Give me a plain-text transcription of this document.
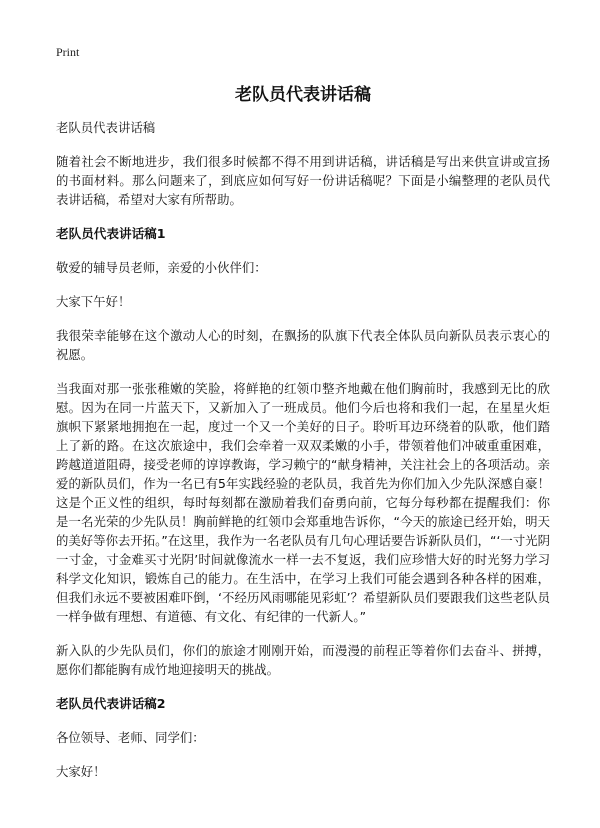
Print
老队员代表讲话稿

老队员代表讲话稿

随着社会不断地进步，我们很多时候都不得不用到讲话稿，讲话稿是写出来供宣讲或宣扬的书面材料。那么问题来了，到底应如何写好一份讲话稿呢？下面是小编整理的老队员代表讲话稿，希望对大家有所帮助。

老队员代表讲话稿1

敬爱的辅导员老师，亲爱的小伙伴们：

大家下午好！

我很荣幸能够在这个激动人心的时刻，在飘扬的队旗下代表全体队员向新队员表示衷心的祝愿。

当我面对那一张张稚嫩的笑脸，将鲜艳的红领巾整齐地戴在他们胸前时，我感到无比的欣慰。因为在同一片蓝天下，又新加入了一班成员。他们今后也将和我们一起，在星星火炬旗帜下紧紧地拥抱在一起，度过一个又一个美好的日子。聆听耳边环绕着的队歌，他们踏上了新的路。在这次旅途中，我们会牵着一双双柔嫩的小手，带领着他们冲破重重困难，跨越道道阻碍，接受老师的谆谆教诲，学习赖宁的“献身精神，关注社会上的各项活动。亲爱的新队员们，作为一名已有5年实践经验的老队员，我首先为你们加入少先队深感自豪！这是个正义性的组织，每时每刻都在激励着我们奋勇向前，它每分每秒都在提醒我们：你是一名光荣的少先队员！胸前鲜艳的红领巾会郑重地告诉你，“今天的旅途已经开始，明天的美好等你去开拓。”在这里，我作为一名老队员有几句心理话要告诉新队员们，“‘一寸光阴一寸金，寸金难买寸光阴’时间就像流水一样一去不复返，我们应珍惜大好的时光努力学习科学文化知识，锻炼自己的能力。在生活中，在学习上我们可能会遇到各种各样的困难，但我们永远不要被困难吓倒，‘不经历风雨哪能见彩虹’？希望新队员们要跟我们这些老队员一样争做有理想、有道德、有文化、有纪律的一代新人。”

新入队的少先队员们，你们的旅途才刚刚开始，而漫漫的前程正等着你们去奋斗、拼搏，愿你们都能胸有成竹地迎接明天的挑战。

老队员代表讲话稿2

各位领导、老师、同学们：

大家好！
